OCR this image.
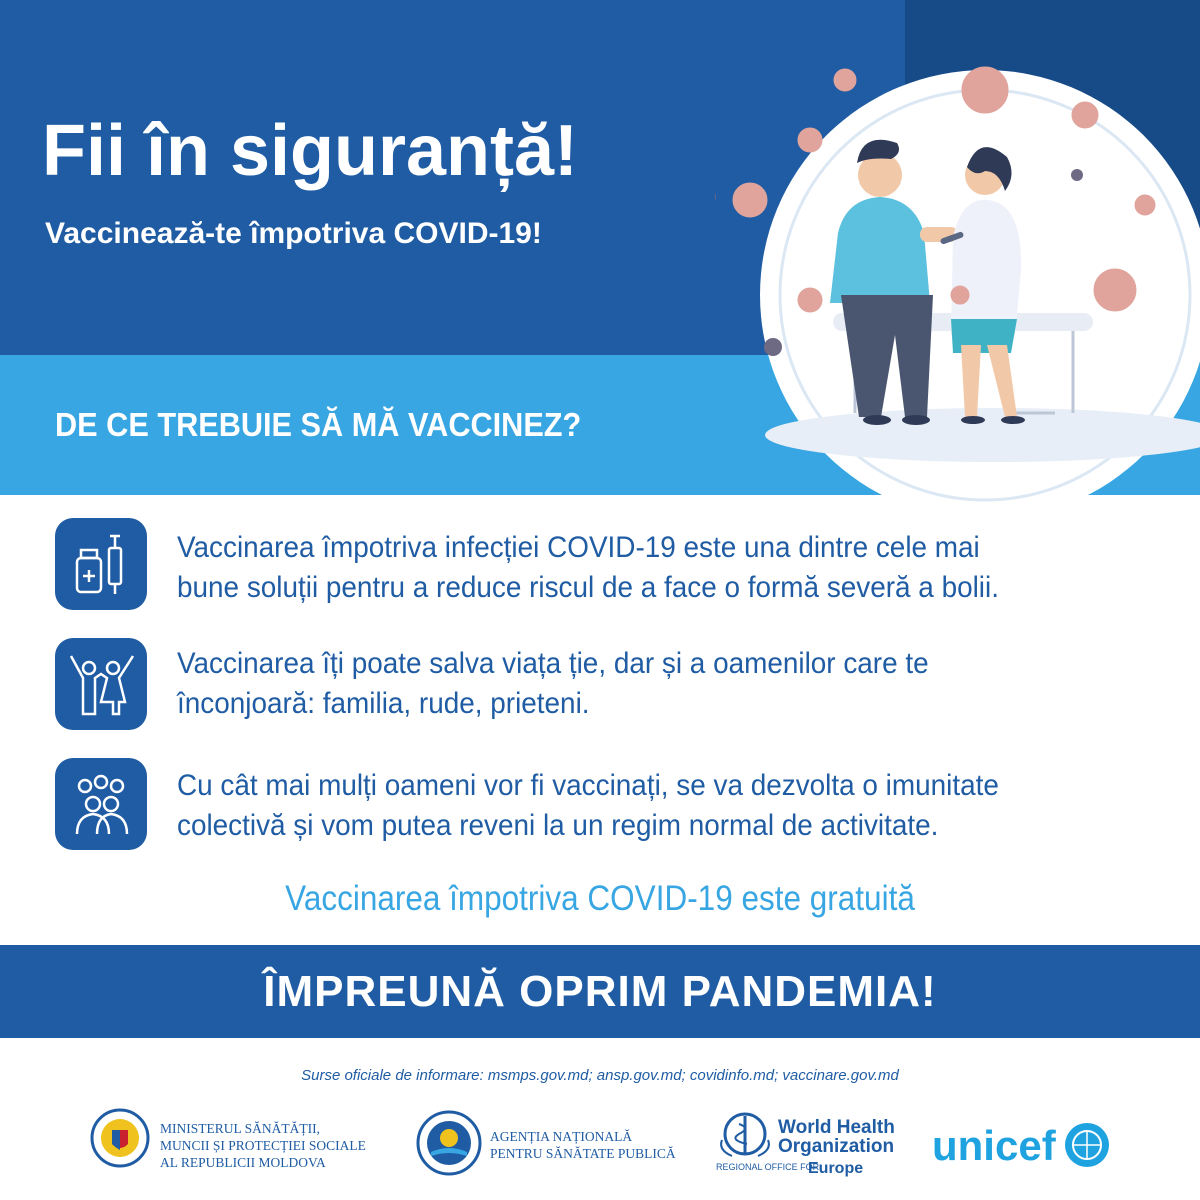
Fii în siguranță!
Vaccinează-te împotriva COVID-19!
DE CE TREBUIE SĂ MĂ VACCINEZ?
Vaccinarea împotriva infecției COVID-19 este una dintre cele mai
bune soluții pentru a reduce riscul de a face o formă severă a bolii.
Vaccinarea îți poate salva viața ție, dar și a oamenilor care te
înconjoară: familia, rude, prieteni.
Cu cât mai mulți oameni vor fi vaccinați, se va dezvolta o imunitate
colectivă și vom putea reveni la un regim normal de activitate.
Vaccinarea împotriva COVID-19 este gratuită
ÎMPREUNĂ OPRIM PANDEMIA!
Surse oficiale de informare: msmps.gov.md; ansp.gov.md; covidinfo.md; vaccinare.gov.md
MINISTERUL SĂNĂTĂȚII,
MUNCII ȘI PROTECȚIEI SOCIALE
AL REPUBLICII MOLDOVA
AGENȚIA NAȚIONALĂ
PENTRU SĂNĂTATE PUBLICĂ
World Health
Organization
REGIONAL OFFICE FOR
Europe unicef
